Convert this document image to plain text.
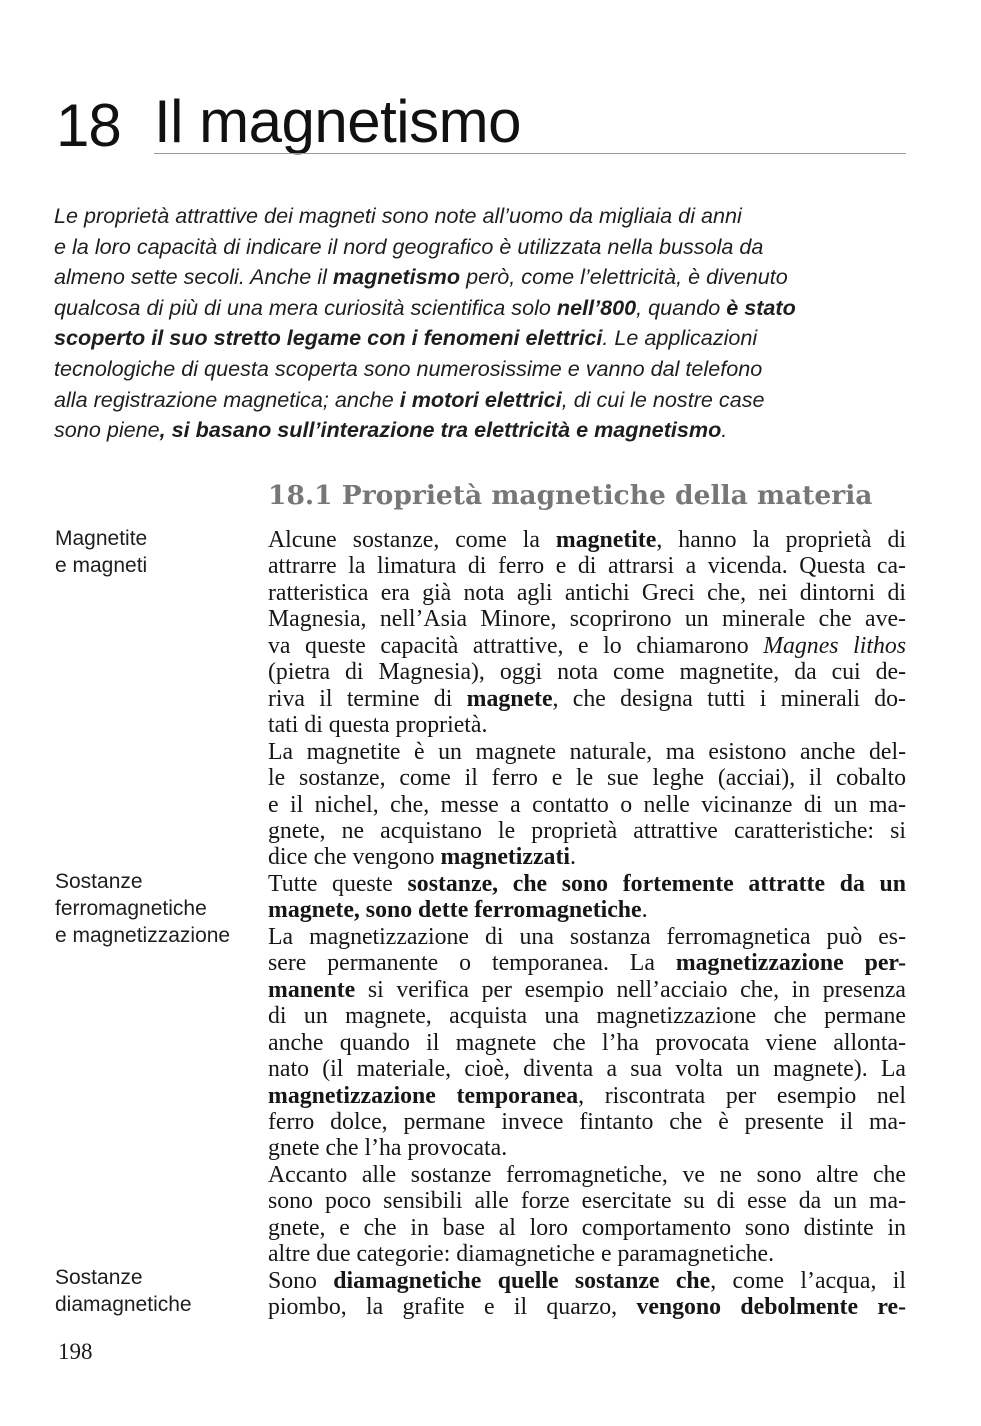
18 Il magnetismo
Le proprietà attrattive dei magneti sono note all’uomo da migliaia di anni
e la loro capacità di indicare il nord geografico è utilizzata nella bussola da
almeno sette secoli. Anche il magnetismo però, come l’elettricità, è divenuto
qualcosa di più di una mera curiosità scientifica solo nell’800, quando è stato
scoperto il suo stretto legame con i fenomeni elettrici. Le applicazioni
tecnologiche di questa scoperta sono numerosissime e vanno dal telefono
alla registrazione magnetica; anche i motori elettrici, di cui le nostre case
sono piene, si basano sull’interazione tra elettricità e magnetismo.
18.1 Proprietà magnetiche della materia
Magnetite
e magneti
Sostanze
ferromagnetiche
e magnetizzazione
Sostanze
diamagnetiche
Alcune sostanze, come la magnetite, hanno la proprietà di
attrarre la limatura di ferro e di attrarsi a vicenda. Questa ca-
ratteristica era già nota agli antichi Greci che, nei dintorni di
Magnesia, nell’Asia Minore, scoprirono un minerale che ave-
va queste capacità attrattive, e lo chiamarono Magnes lithos
(pietra di Magnesia), oggi nota come magnetite, da cui de-
riva il termine di magnete, che designa tutti i minerali do-
tati di questa proprietà.
La magnetite è un magnete naturale, ma esistono anche del-
le sostanze, come il ferro e le sue leghe (acciai), il cobalto
e il nichel, che, messe a contatto o nelle vicinanze di un ma-
gnete, ne acquistano le proprietà attrattive caratteristiche: si
dice che vengono magnetizzati.
Tutte queste sostanze, che sono fortemente attratte da un
magnete, sono dette ferromagnetiche.
La magnetizzazione di una sostanza ferromagnetica può es-
sere permanente o temporanea. La magnetizzazione per-
manente si verifica per esempio nell’acciaio che, in presenza
di un magnete, acquista una magnetizzazione che permane
anche quando il magnete che l’ha provocata viene allonta-
nato (il materiale, cioè, diventa a sua volta un magnete). La
magnetizzazione temporanea, riscontrata per esempio nel
ferro dolce, permane invece fintanto che è presente il ma-
gnete che l’ha provocata.
Accanto alle sostanze ferromagnetiche, ve ne sono altre che
sono poco sensibili alle forze esercitate su di esse da un ma-
gnete, e che in base al loro comportamento sono distinte in
altre due categorie: diamagnetiche e paramagnetiche.
Sono diamagnetiche quelle sostanze che, come l’acqua, il
piombo, la grafite e il quarzo, vengono debolmente re-
198
